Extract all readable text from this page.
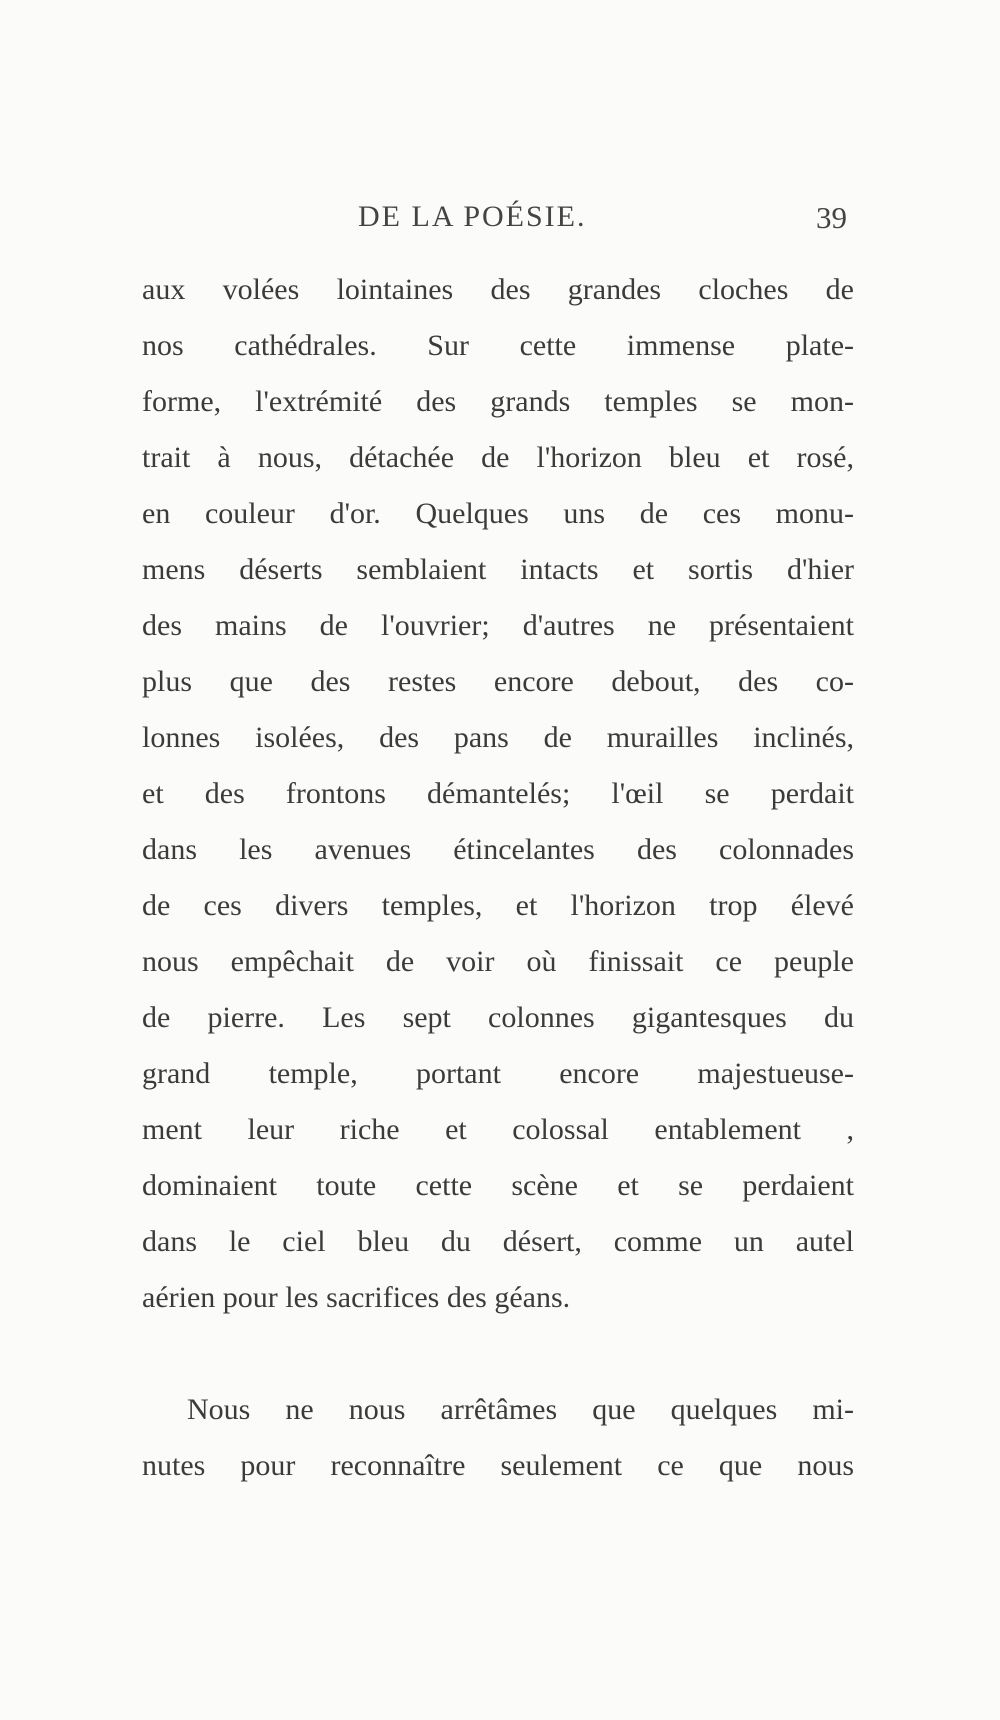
DE LA POÉSIE.	39
aux volées lointaines des grandes cloches de
nos cathédrales. Sur cette immense plate-
forme, l'extrémité des grands temples se mon-
trait à nous, détachée de l'horizon bleu et rosé,
en couleur d'or. Quelques uns de ces monu-
mens déserts semblaient intacts et sortis d'hier
des mains de l'ouvrier; d'autres ne présentaient
plus que des restes encore debout, des co-
lonnes isolées, des pans de murailles inclinés,
et des frontons démantelés; l'œil se perdait
dans les avenues étincelantes des colonnades
de ces divers temples, et l'horizon trop élevé
nous empêchait de voir où finissait ce peuple
de pierre. Les sept colonnes gigantesques du
grand temple, portant encore majestueuse-
ment leur riche et colossal entablement ,
dominaient toute cette scène et se perdaient
dans le ciel bleu du désert, comme un autel
aérien pour les sacrifices des géans.
Nous ne nous arrêtâmes que quelques mi-
nutes pour reconnaître seulement ce que nous
